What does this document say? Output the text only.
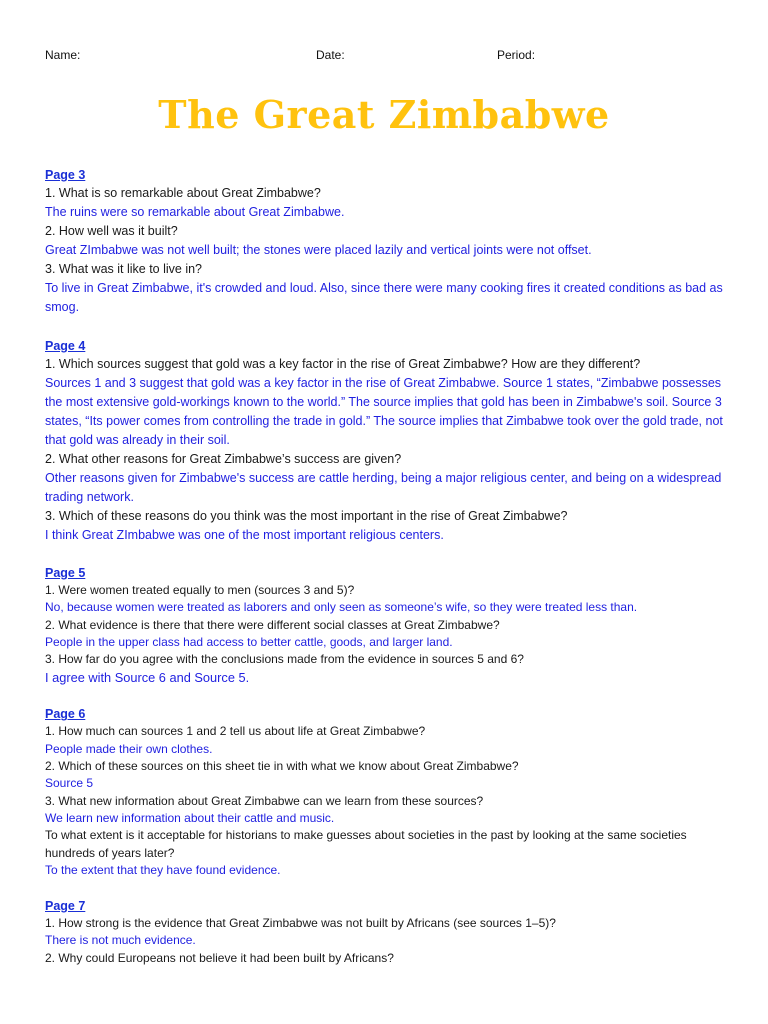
Name:	Date:	Period:
The Great Zimbabwe
Page 3
1. What is so remarkable about Great Zimbabwe?
The ruins were so remarkable about Great Zimbabwe.
2. How well was it built?
Great ZImbabwe was not well built; the stones were placed lazily and vertical joints were not offset.
3. What was it like to live in?
To live in Great Zimbabwe, it's crowded and loud. Also, since there were many cooking fires it created conditions as bad as smog.
Page 4
1. Which sources suggest that gold was a key factor in the rise of Great Zimbabwe? How are they different?
Sources 1 and 3 suggest that gold was a key factor in the rise of Great Zimbabwe. Source 1 states, “Zimbabwe possesses the most extensive gold-workings known to the world.” The source implies that gold has been in Zimbabwe's soil. Source 3 states, “Its power comes from controlling the trade in gold.” The source implies that Zimbabwe took over the gold trade, not that gold was already in their soil.
2. What other reasons for Great Zimbabwe’s success are given?
Other reasons given for Zimbabwe's success are cattle herding, being a major religious center, and being on a widespread trading network.
3. Which of these reasons do you think was the most important in the rise of Great Zimbabwe?
I think Great ZImbabwe was one of the most important religious centers.
Page 5
1. Were women treated equally to men (sources 3 and 5)?
No, because women were treated as laborers and only seen as someone’s wife, so they were treated less than.
2. What evidence is there that there were different social classes at Great Zimbabwe?
People in the upper class had access to better cattle, goods, and larger land.
3. How far do you agree with the conclusions made from the evidence in sources 5 and 6?
I agree with Source 6 and Source 5.
Page 6
1. How much can sources 1 and 2 tell us about life at Great Zimbabwe?
People made their own clothes.
2. Which of these sources on this sheet tie in with what we know about Great Zimbabwe?
Source 5
3. What new information about Great Zimbabwe can we learn from these sources?
We learn new information about their cattle and music.
To what extent is it acceptable for historians to make guesses about societies in the past by looking at the same societies hundreds of years later?
To the extent that they have found evidence.
Page 7
1. How strong is the evidence that Great Zimbabwe was not built by Africans (see sources 1–5)?
There is not much evidence.
2. Why could Europeans not believe it had been built by Africans?
